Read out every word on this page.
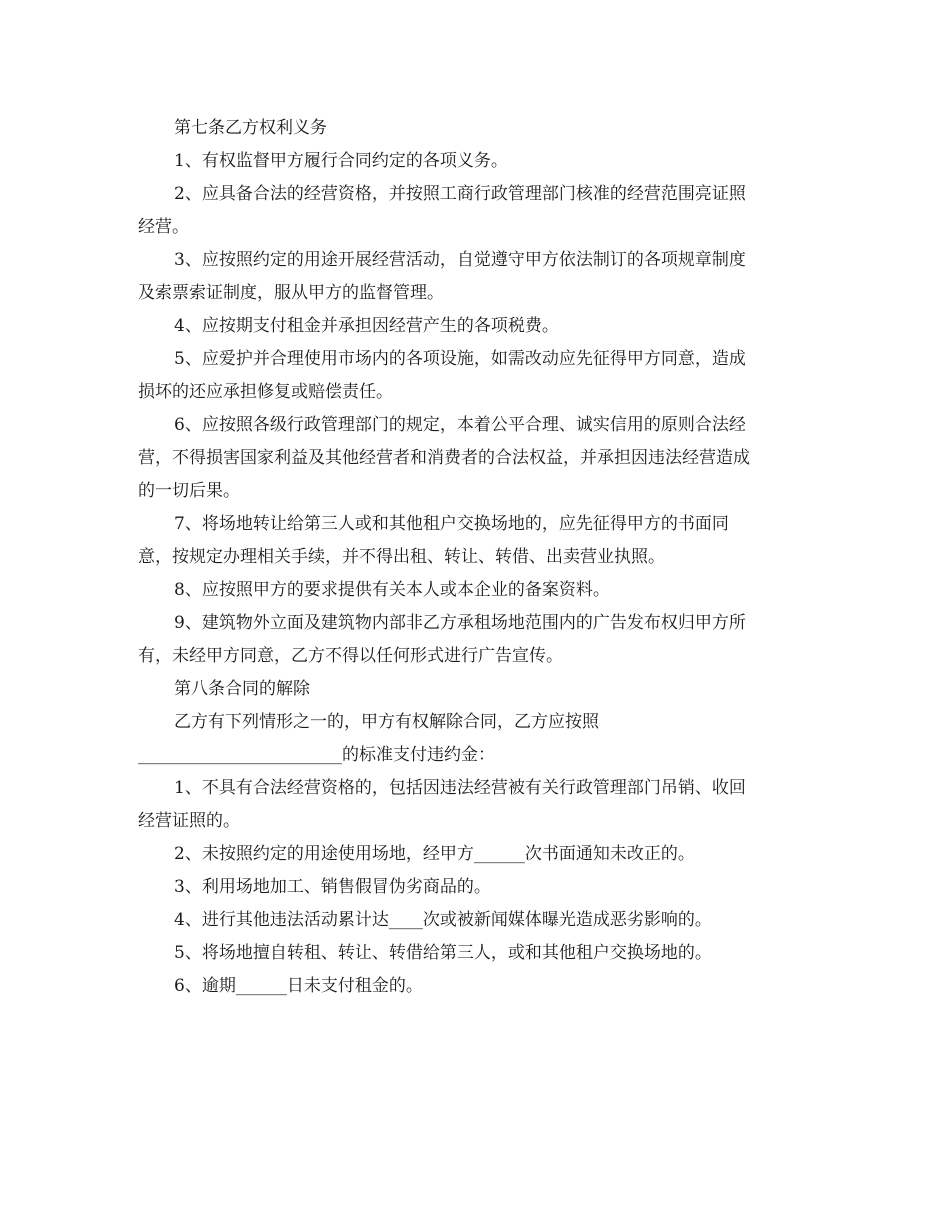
第七条乙方权利义务

1、有权监督甲方履行合同约定的各项义务。

2、应具备合法的经营资格，并按照工商行政管理部门核准的经营范围亮证照
经营。

3、应按照约定的用途开展经营活动，自觉遵守甲方依法制订的各项规章制度
及索票索证制度，服从甲方的监督管理。

4、应按期支付租金并承担因经营产生的各项税费。

5、应爱护并合理使用市场内的各项设施，如需改动应先征得甲方同意，造成
损坏的还应承担修复或赔偿责任。

6、应按照各级行政管理部门的规定，本着公平合理、诚实信用的原则合法经
营，不得损害国家利益及其他经营者和消费者的合法权益，并承担因违法经营造成
的一切后果。

7、将场地转让给第三人或和其他租户交换场地的，应先征得甲方的书面同
意，按规定办理相关手续，并不得出租、转让、转借、出卖营业执照。

8、应按照甲方的要求提供有关本人或本企业的备案资料。

9、建筑物外立面及建筑物内部非乙方承租场地范围内的广告发布权归甲方所
有，未经甲方同意，乙方不得以任何形式进行广告宣传。

第八条合同的解除

乙方有下列情形之一的，甲方有权解除合同，乙方应按照
________________________的标准支付违约金：

1、不具有合法经营资格的，包括因违法经营被有关行政管理部门吊销、收回
经营证照的。

2、未按照约定的用途使用场地，经甲方______次书面通知未改正的。

3、利用场地加工、销售假冒伪劣商品的。

4、进行其他违法活动累计达____次或被新闻媒体曝光造成恶劣影响的。

5、将场地擅自转租、转让、转借给第三人，或和其他租户交换场地的。

6、逾期______日未支付租金的。
